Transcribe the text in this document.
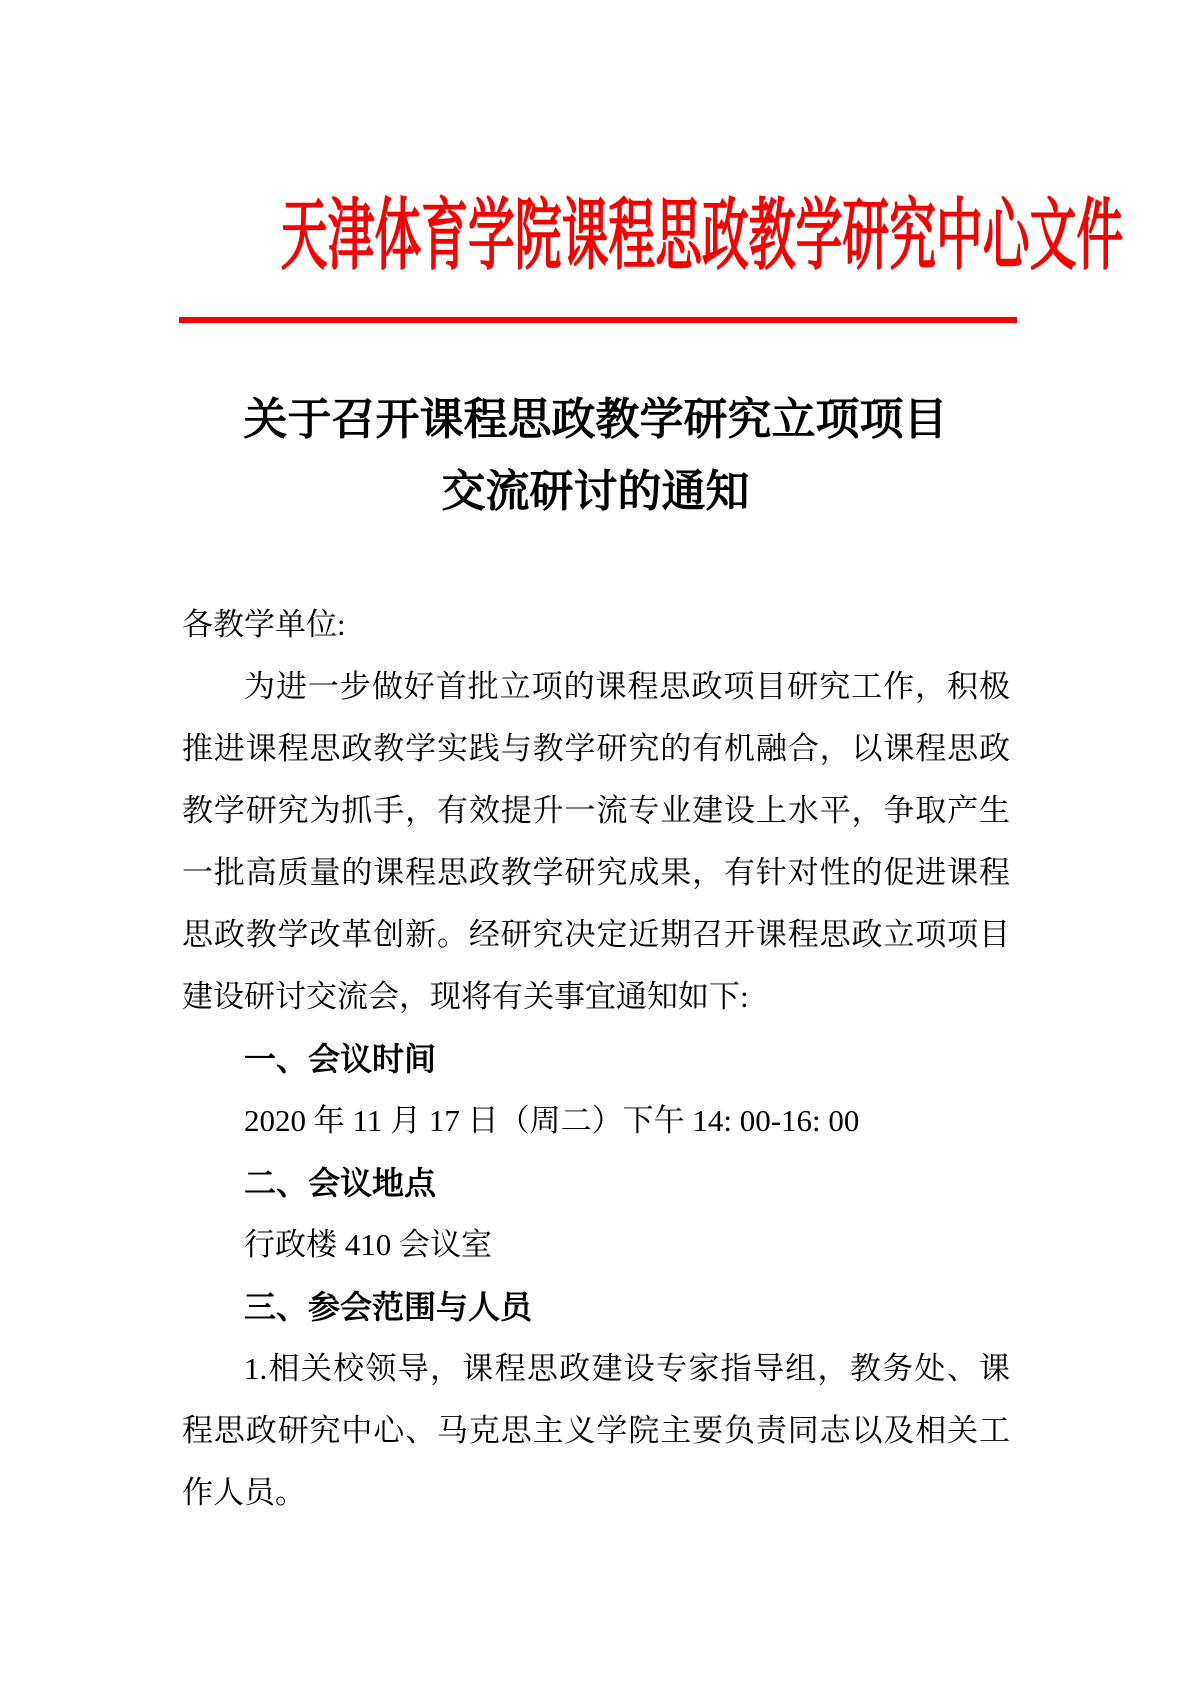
天津体育学院课程思政教学研究中心文件
关于召开课程思政教学研究立项项目
交流研讨的通知
各教学单位:
为进一步做好首批立项的课程思政项目研究工作，积极
推进课程思政教学实践与教学研究的有机融合，以课程思政
教学研究为抓手，有效提升一流专业建设上水平，争取产生
一批高质量的课程思政教学研究成果，有针对性的促进课程
思政教学改革创新。经研究决定近期召开课程思政立项项目
建设研讨交流会，现将有关事宜通知如下:
一、会议时间
2020 年 11 月 17 日（周二）下午 14: 00-16: 00
二、会议地点
行政楼 410 会议室
三、参会范围与人员
1.相关校领导，课程思政建设专家指导组，教务处、课
程思政研究中心、马克思主义学院主要负责同志以及相关工
作人员。
